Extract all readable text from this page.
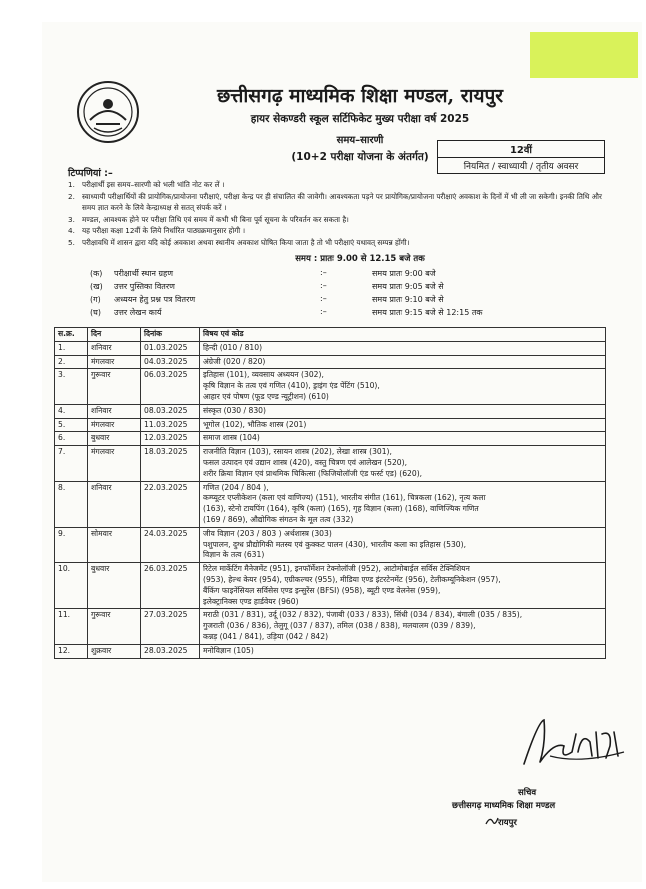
छत्तीसगढ़ माध्यमिक शिक्षा मण्डल, रायपुर
हायर सेकण्डरी स्कूल सर्टिफिकेट मुख्य परीक्षा वर्ष 2025
समय–सारणी
(10+2 परीक्षा योजना के अंतर्गत)
12वीं
नियमित / स्वाध्यायी / तृतीय अवसर
टिप्पणियां :–
1. परीक्षार्थी इस समय–सारणी को भली भांति नोट कर लें ।
2. स्वाध्यायी परीक्षार्थियों की प्रायोगिक/प्रायोजना परीक्षाएं, परीक्षा केन्द्र पर ही संचालित की जावेगी। आवश्यकता पड़ने पर प्रायोगिक/प्रायोजना परीक्षाएं अवकाश के दिनों में भी ली जा सकेगी। इनकी तिथि और समय ज्ञात करने के लिये केन्द्राध्यक्ष से सतत् संपर्क करें ।
3. मण्डल, आवश्यक होने पर परीक्षा तिथि एवं समय में कभी भी बिना पूर्व सूचना के परिवर्तन कर सकता है।
4. यह परीक्षा कक्षा 12वीं के लिये निर्धारित पाठ्यक्रमानुसार होगी ।
5. परीक्षावधि में शासन द्वारा यदि कोई अवकाश अथवा स्थानीय अवकाश घोषित किया जाता है तो भी परीक्षाएं यथावत् सम्पन्न होंगी।
समय : प्रातः 9.00 से 12.15 बजे तक
(क) परीक्षार्थी स्थान ग्रहण	:–	समय प्रातः 9:00 बजे
(ख) उत्तर पुस्तिका वितरण	:–	समय प्रातः 9:05 बजे से
(ग) अध्ययन हेतु प्रश्न पत्र वितरण	:–	समय प्रातः 9:10 बजे से
(घ) उत्तर लेखन कार्य	:–	समय प्रातः 9:15 बजे से 12:15 तक
स.क्र.	दिन	दिनांक	विषय एवं कोड
1.	शनिवार	01.03.2025	हिन्दी (010 / 810)

2.	मंगलवार	04.03.2025	अंग्रेजी (020 / 820)

3.	गुरूवार	06.03.2025	इतिहास (101), व्यवसाय अध्ययन (302),
कृषि विज्ञान के तत्व एवं गणित (410), ड्राइंग एंड पेंटिंग (510),
आहार एवं पोषण (फूड एण्ड न्यूट्रीशन) (610)

4.	शनिवार	08.03.2025	संस्कृत (030 / 830)

5.	मंगलवार	11.03.2025	भूगोल (102), भौतिक शास्त्र (201)

6.	बुधवार	12.03.2025	समाज शास्त्र (104)

7.	मंगलवार	18.03.2025	राजनीति विज्ञान (103), रसायन शास्त्र (202), लेखा शास्त्र (301),
फसल उत्पादन एवं उद्यान शास्त्र (420), वस्तु चित्रण एवं आलेखन (520),
शरीर क्रिया विज्ञान एवं प्राथमिक चिकित्सा (फिजियोलॉजी एंड फर्स्ट एड) (620),

8.	शनिवार	22.03.2025	गणित (204 / 804 ),
कम्प्यूटर एप्लीकेशन (कला एवं वाणिज्य) (151), भारतीय संगीत (161), चित्रकला (162), नृत्य कला
(163), स्टेनो टायपिंग (164), कृषि (कला) (165), गृह विज्ञान (कला) (168), वाणिज्यिक गणित
(169 / 869), औद्योगिक संगठन के मूल तत्व (332)

9.	सोमवार	24.03.2025	जीव विज्ञान (203 / 803 ) अर्थशास्त्र (303)
पशुपालन, दुग्ध प्रौद्योगिकी मतस्य एवं कुक्कट पालन (430), भारतीय कला का इतिहास (530),
विज्ञान के तत्व (631)

10.	बुधवार	26.03.2025	रिटेल मार्केटिंग मैनेजमेंट (951), इनफॉर्मेशन टेक्नोलॉजी (952), आटोमोबाईल सर्विस टेक्निशियन
(953), हेल्थ केयर (954), एग्रीकल्चर (955), मीडिया एण्ड इंटरटेनमेंट (956), टेलीकम्यूनिकेशन (957),
बैंकिंग फाइनेंसियल सर्विसेस एण्ड इन्सुरेंस (BFSI) (958), ब्यूटी एण्ड वेलनेस (959),
इलेक्ट्रानिक्स एण्ड हार्डवेयर (960)

11.	गुरूवार	27.03.2025	मराठी (031 / 831), उर्दू (032 / 832), पंजाबी (033 / 833), सिंधी (034 / 834), बंगाली (035 / 835),
गुजराती (036 / 836), तेलुगू (037 / 837), तमिल (038 / 838), मलयालम (039 / 839),
कन्नड़ (041 / 841), उड़िया (042 / 842)

12.	शुक्रवार	28.03.2025	मनोविज्ञान (105)
सचिव
छत्तीसगढ़ माध्यमिक शिक्षा मण्डल
रायपुर
